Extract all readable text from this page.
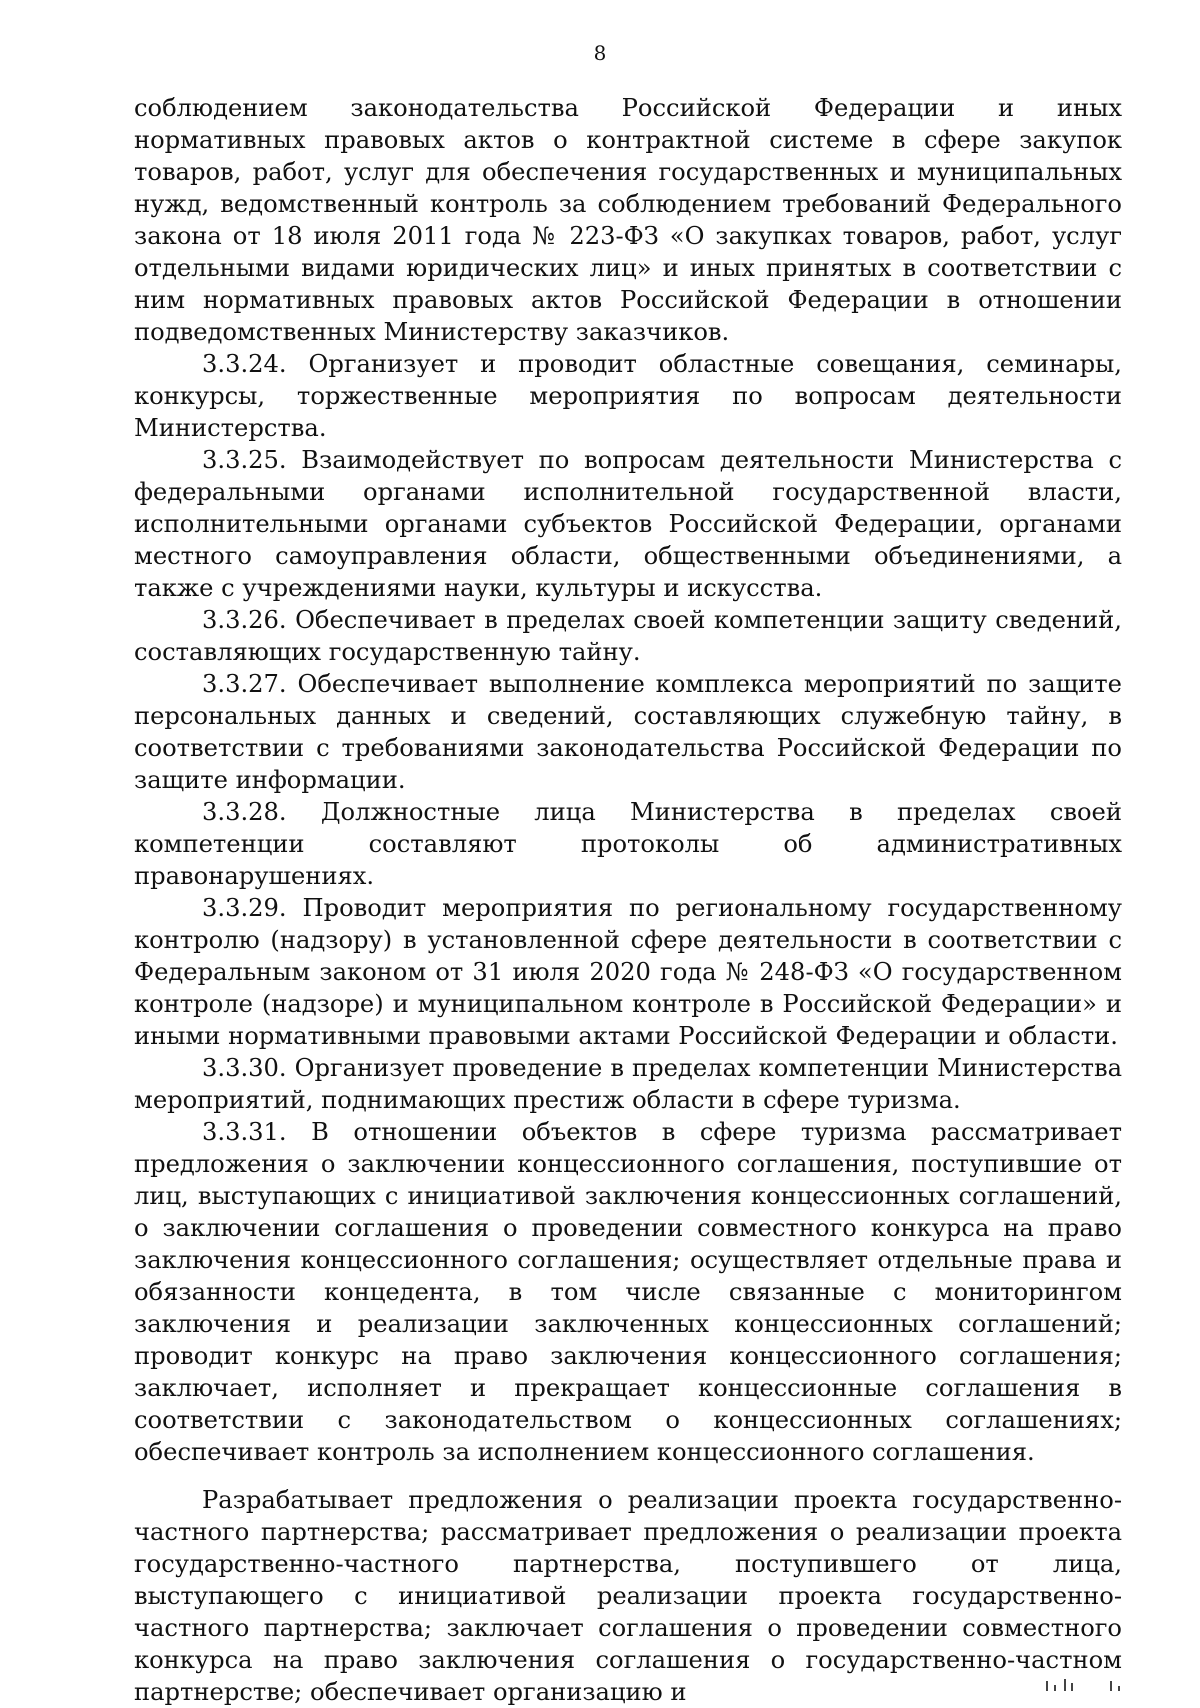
8

соблюдением законодательства Российской Федерации и иных нормативных правовых актов о контрактной системе в сфере закупок товаров, работ, услуг для обеспечения государственных и муниципальных нужд, ведомственный контроль за соблюдением требований Федерального закона от 18 июля 2011 года № 223-ФЗ «О закупках товаров, работ, услуг отдельными видами юридических лиц» и иных принятых в соответствии с ним нормативных правовых актов Российской Федерации в отношении подведомственных Министерству заказчиков.

3.3.24. Организует и проводит областные совещания, семинары, конкурсы, торжественные мероприятия по вопросам деятельности Министерства.

3.3.25. Взаимодействует по вопросам деятельности Министерства с федеральными органами исполнительной государственной власти, исполнительными органами субъектов Российской Федерации, органами местного самоуправления области, общественными объединениями, а также с учреждениями науки, культуры и искусства.

3.3.26. Обеспечивает в пределах своей компетенции защиту сведений, составляющих государственную тайну.

3.3.27. Обеспечивает выполнение комплекса мероприятий по защите персональных данных и сведений, составляющих служебную тайну, в соответствии с требованиями законодательства Российской Федерации по защите информации.

3.3.28. Должностные лица Министерства в пределах своей компетенции составляют протоколы об административных правонарушениях.

3.3.29. Проводит мероприятия по региональному государственному контролю (надзору) в установленной сфере деятельности в соответствии с Федеральным законом от 31 июля 2020 года № 248-ФЗ «О государственном контроле (надзоре) и муниципальном контроле в Российской Федерации» и иными нормативными правовыми актами Российской Федерации и области.

3.3.30. Организует проведение в пределах компетенции Министерства мероприятий, поднимающих престиж области в сфере туризма.

3.3.31. В отношении объектов в сфере туризма рассматривает предложения о заключении концессионного соглашения, поступившие от лиц, выступающих с инициативой заключения концессионных соглашений, о заключении соглашения о проведении совместного конкурса на право заключения концессионного соглашения; осуществляет отдельные права и обязанности концедента, в том числе связанные с мониторингом заключения и реализации заключенных концессионных соглашений; проводит конкурс на право заключения концессионного соглашения; заключает, исполняет и прекращает концессионные соглашения в соответствии с законодательством о концессионных соглашениях; обеспечивает контроль за исполнением концессионного соглашения.

Разрабатывает предложения о реализации проекта государственно-частного партнерства; рассматривает предложения о реализации проекта государственно-частного партнерства, поступившего от лица, выступающего с инициативой реализации проекта государственно-частного партнерства; заключает соглашения о проведении совместного конкурса на право заключения соглашения о государственно-частном партнерстве; обеспечивает организацию и
